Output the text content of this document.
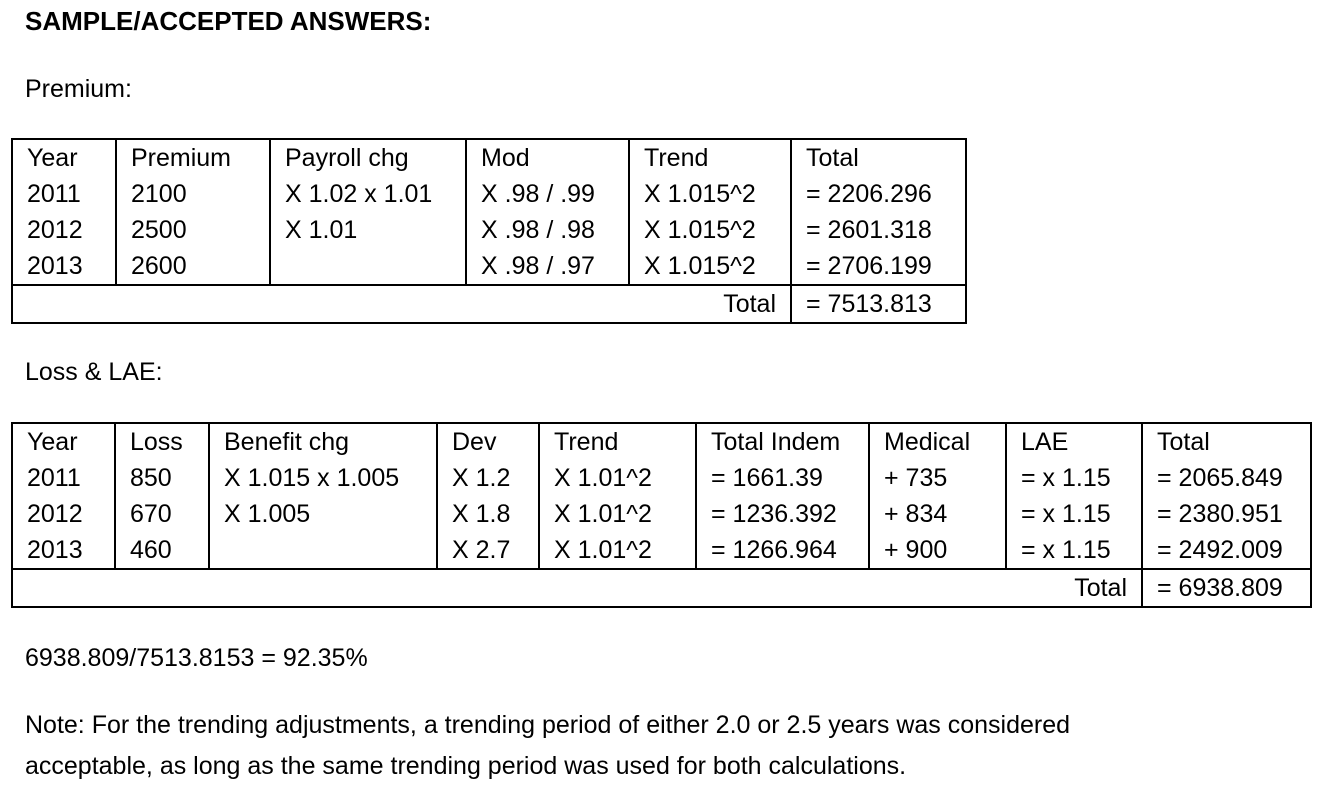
SAMPLE/ACCEPTED ANSWERS:
Premium:
Year	Premium	Payroll chg	Mod	Trend	Total
2011	2100	X 1.02 x 1.01	X .98 / .99	X 1.015^2	= 2206.296
2012	2500	X 1.01	X .98 / .98	X 1.015^2	= 2601.318
2013	2600		X .98 / .97	X 1.015^2	= 2706.199
Total					= 7513.813
Loss & LAE:
Year	Loss	Benefit chg	Dev	Trend	Total Indem	Medical	LAE	Total
2011	850	X 1.015 x 1.005	X 1.2	X 1.01^2	= 1661.39	+ 735	= x 1.15	= 2065.849
2012	670	X 1.005	X 1.8	X 1.01^2	= 1236.392	+ 834	= x 1.15	= 2380.951
2013	460		X 2.7	X 1.01^2	= 1266.964	+ 900	= x 1.15	= 2492.009
Total								= 6938.809
6938.809/7513.8153 = 92.35%
Note: For the trending adjustments, a trending period of either 2.0 or 2.5 years was considered
acceptable, as long as the same trending period was used for both calculations.
